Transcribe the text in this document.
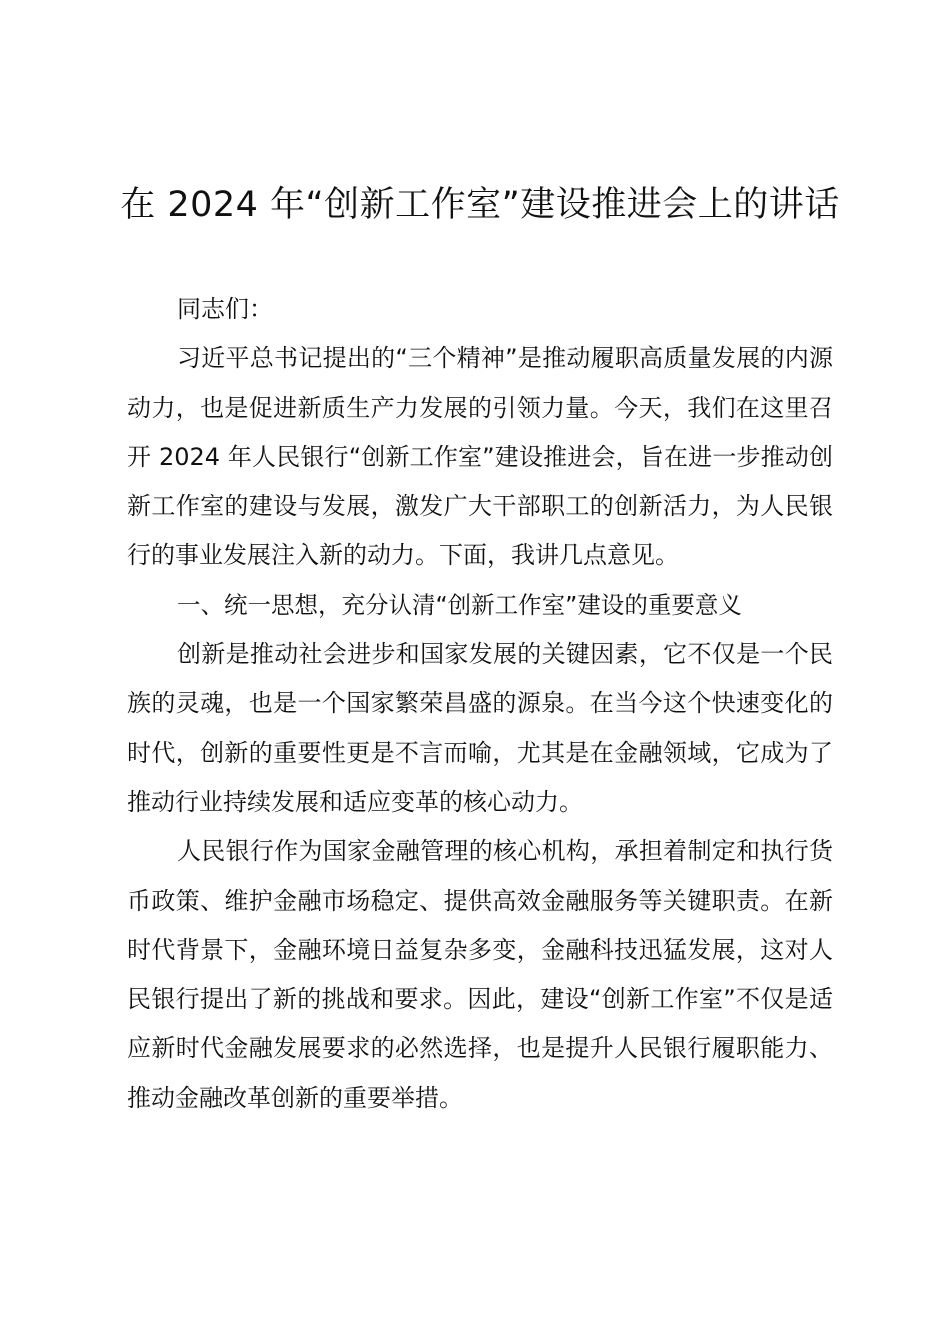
在 2024 年“创新工作室”建设推进会上的讲话

同志们：

习近平总书记提出的“三个精神”是推动履职高质量发展的内源动力，也是促进新质生产力发展的引领力量。今天，我们在这里召开 2024 年人民银行“创新工作室”建设推进会，旨在进一步推动创新工作室的建设与发展，激发广大干部职工的创新活力，为人民银行的事业发展注入新的动力。下面，我讲几点意见。

一、统一思想，充分认清“创新工作室”建设的重要意义

创新是推动社会进步和国家发展的关键因素，它不仅是一个民族的灵魂，也是一个国家繁荣昌盛的源泉。在当今这个快速变化的时代，创新的重要性更是不言而喻，尤其是在金融领域，它成为了推动行业持续发展和适应变革的核心动力。

人民银行作为国家金融管理的核心机构，承担着制定和执行货币政策、维护金融市场稳定、提供高效金融服务等关键职责。在新时代背景下，金融环境日益复杂多变，金融科技迅猛发展，这对人民银行提出了新的挑战和要求。因此，建设“创新工作室”不仅是适应新时代金融发展要求的必然选择，也是提升人民银行履职能力、推动金融改革创新的重要举措。
